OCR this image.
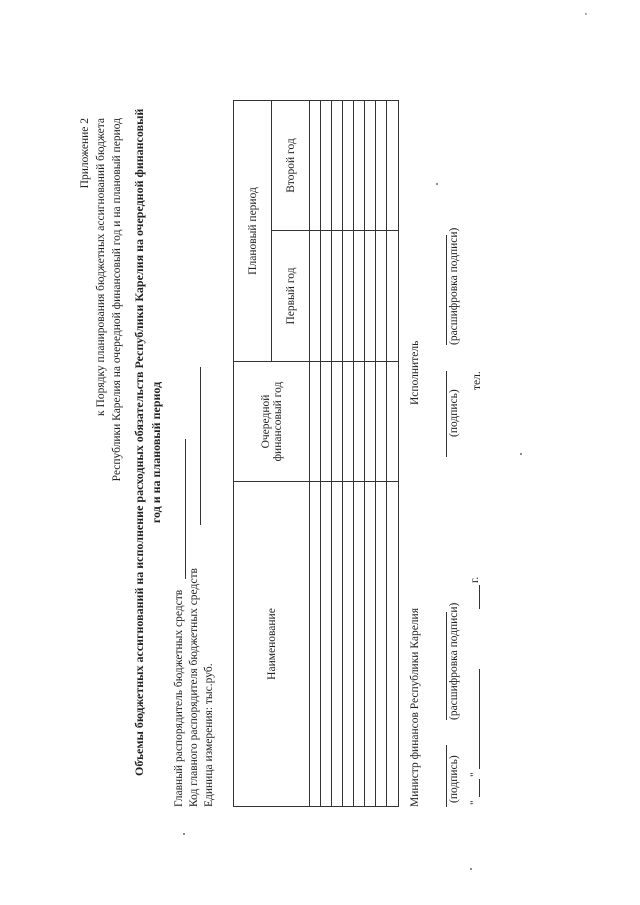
Приложение 2 к Порядку планирования бюджетных ассигнований бюджета Республики Карелия на очередной финансовый год и на плановый период Объемы бюджетных ассигнований на исполнение расходных обязательств Республики Карелия на очередной финансовый год и на плановый период
Главный распорядитель бюджетных средств Код главного распорядителя бюджетных средств Единица измерения: тыс.руб.
Наименование	Очередной финансовый год	Плановый период	
		Первый год	Второй год

Министр финансов Республики Карелия (подпись)
(расшифровка подписи)
"
"
г.
Исполнитель
(подпись)
(расшифровка подписи)
тел.
ˈ
